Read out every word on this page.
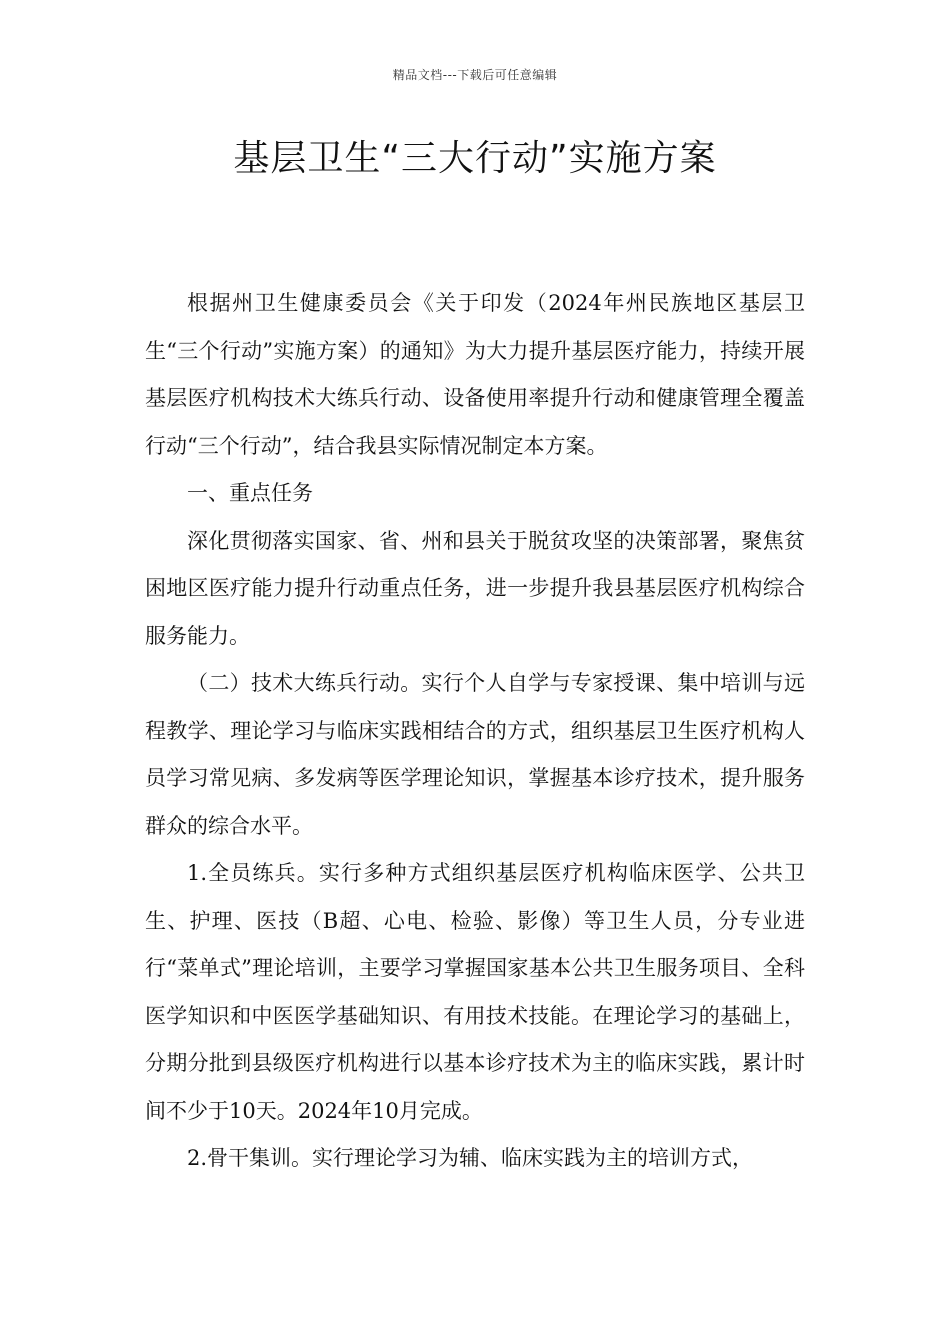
精品文档---下载后可任意编辑
基层卫生“三大行动”实施方案

根据州卫生健康委员会《关于印发（2024年州民族地区基层卫生“三个行动”实施方案）的通知》为大力提升基层医疗能力，持续开展基层医疗机构技术大练兵行动、设备使用率提升行动和健康管理全覆盖行动“三个行动”，结合我县实际情况制定本方案。

一、重点任务

深化贯彻落实国家、省、州和县关于脱贫攻坚的决策部署，聚焦贫困地区医疗能力提升行动重点任务，进一步提升我县基层医疗机构综合服务能力。

（二）技术大练兵行动。实行个人自学与专家授课、集中培训与远程教学、理论学习与临床实践相结合的方式，组织基层卫生医疗机构人员学习常见病、多发病等医学理论知识，掌握基本诊疗技术，提升服务群众的综合水平。

1.全员练兵。实行多种方式组织基层医疗机构临床医学、公共卫生、护理、医技（B超、心电、检验、影像）等卫生人员，分专业进行“菜单式”理论培训，主要学习掌握国家基本公共卫生服务项目、全科医学知识和中医医学基础知识、有用技术技能。在理论学习的基础上，分期分批到县级医疗机构进行以基本诊疗技术为主的临床实践，累计时间不少于10天。2024年10月完成。

2.骨干集训。实行理论学习为辅、临床实践为主的培训方式，
